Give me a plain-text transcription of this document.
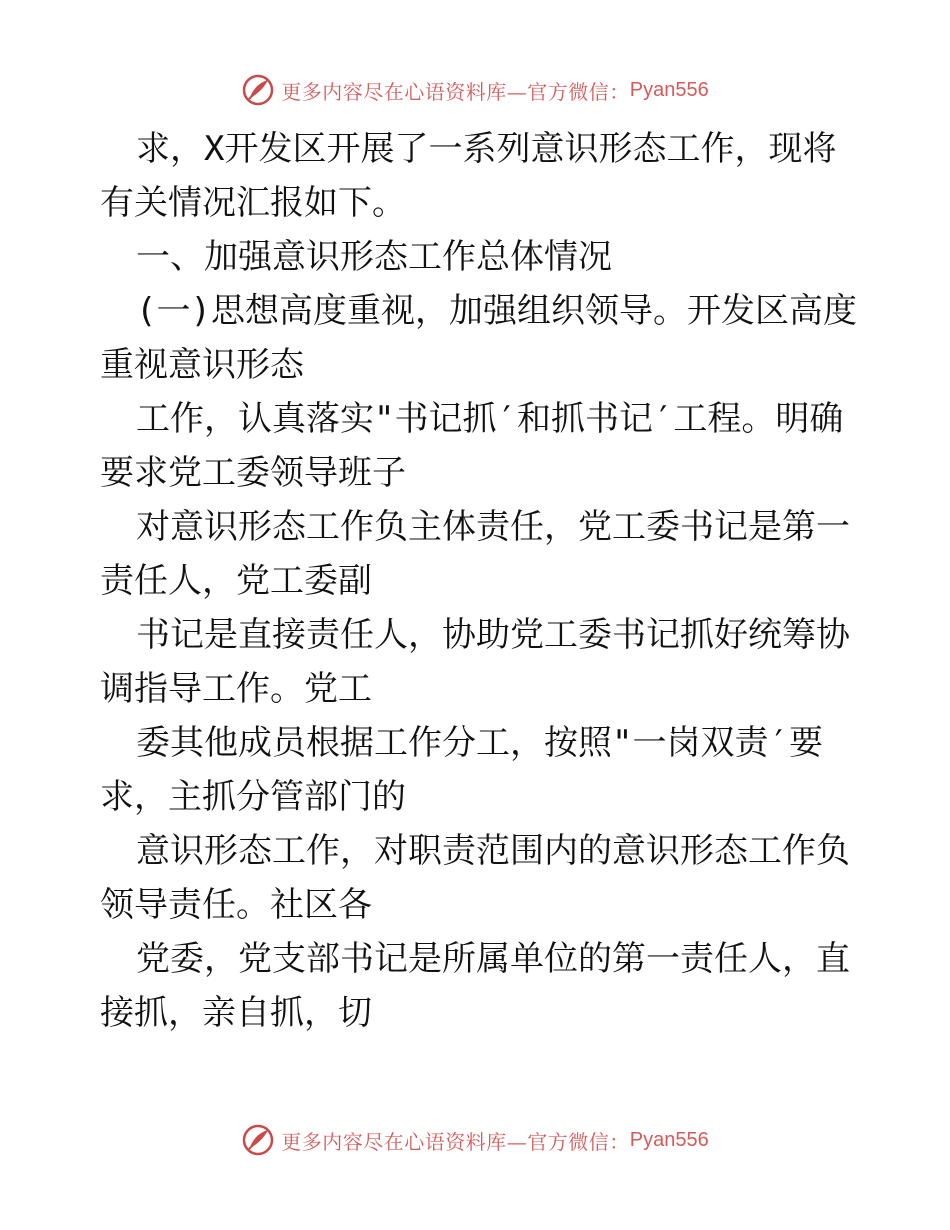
更多内容尽在心语资料库—官方微信： Pyan556

求，X开发区开展了一系列意识形态工作，现将有关情况汇报如下。

一、加强意识形态工作总体情况

(一)思想高度重视，加强组织领导。开发区高度重视意识形态

工作，认真落实"书记抓′和抓书记′工程。明确要求党工委领导班子

对意识形态工作负主体责任，党工委书记是第一责任人，党工委副

书记是直接责任人，协助党工委书记抓好统筹协调指导工作。党工

委其他成员根据工作分工，按照"一岗双责′要求，主抓分管部门的

意识形态工作，对职责范围内的意识形态工作负领导责任。社区各

党委，党支部书记是所属单位的第一责任人，直接抓，亲自抓，切

更多内容尽在心语资料库—官方微信： Pyan556
